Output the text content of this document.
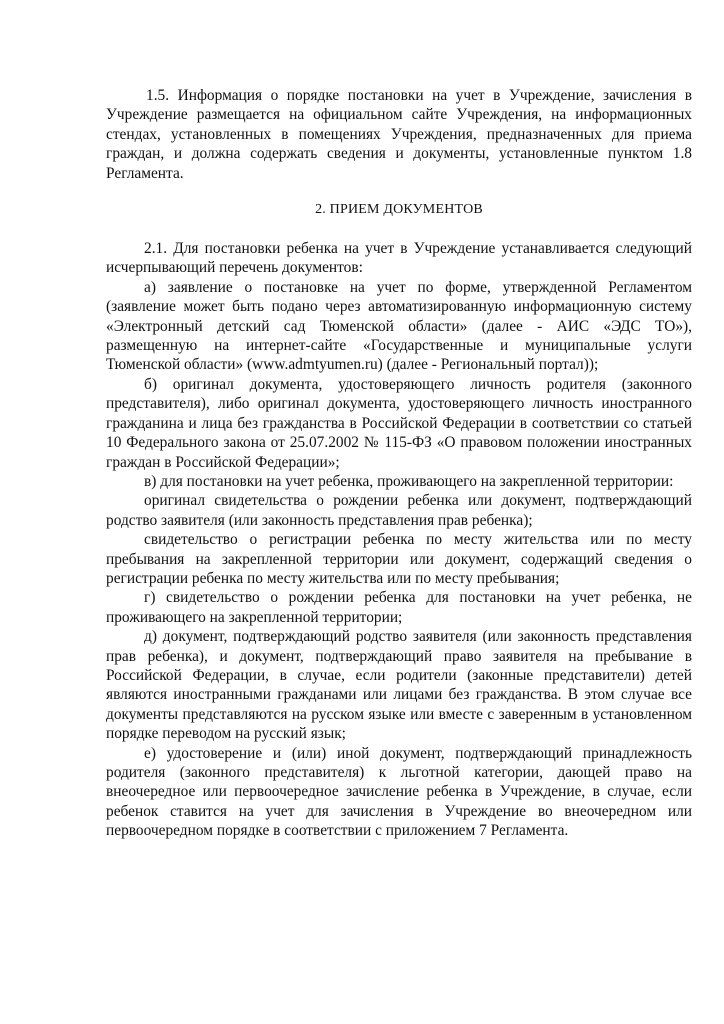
1.5. Информация о порядке постановки на учет в Учреждение, зачисления в Учреждение размещается на официальном сайте Учреждения, на информационных стендах, установленных в помещениях Учреждения, предназначенных для приема граждан, и должна содержать сведения и документы, установленные пунктом 1.8 Регламента.

2. ПРИЕМ ДОКУМЕНТОВ

2.1. Для постановки ребенка на учет в Учреждение устанавливается следующий исчерпывающий перечень документов:

а) заявление о постановке на учет по форме, утвержденной Регламентом (заявление может быть подано через автоматизированную информационную систему «Электронный детский сад Тюменской области» (далее - АИС «ЭДС ТО»), размещенную на интернет-сайте «Государственные и муниципальные услуги Тюменской области» (www.admtyumen.ru) (далее - Региональный портал));

б) оригинал документа, удостоверяющего личность родителя (законного представителя), либо оригинал документа, удостоверяющего личность иностранного гражданина и лица без гражданства в Российской Федерации в соответствии со статьей 10 Федерального закона от 25.07.2002 № 115-ФЗ «О правовом положении иностранных граждан в Российской Федерации»;

в) для постановки на учет ребенка, проживающего на закрепленной территории:

оригинал свидетельства о рождении ребенка или документ, подтверждающий родство заявителя (или законность представления прав ребенка);

свидетельство о регистрации ребенка по месту жительства или по месту пребывания на закрепленной территории или документ, содержащий сведения о регистрации ребенка по месту жительства или по месту пребывания;

г) свидетельство о рождении ребенка для постановки на учет ребенка, не проживающего на закрепленной территории;

д) документ, подтверждающий родство заявителя (или законность представления прав ребенка), и документ, подтверждающий право заявителя на пребывание в Российской Федерации, в случае, если родители (законные представители) детей являются иностранными гражданами или лицами без гражданства. В этом случае все документы представляются на русском языке или вместе с заверенным в установленном порядке переводом на русский язык;

е) удостоверение и (или) иной документ, подтверждающий принадлежность родителя (законного представителя) к льготной категории, дающей право на внеочередное или первоочередное зачисление ребенка в Учреждение, в случае, если ребенок ставится на учет для зачисления в Учреждение во внеочередном или первоочередном порядке в соответствии с приложением 7 Регламента.
